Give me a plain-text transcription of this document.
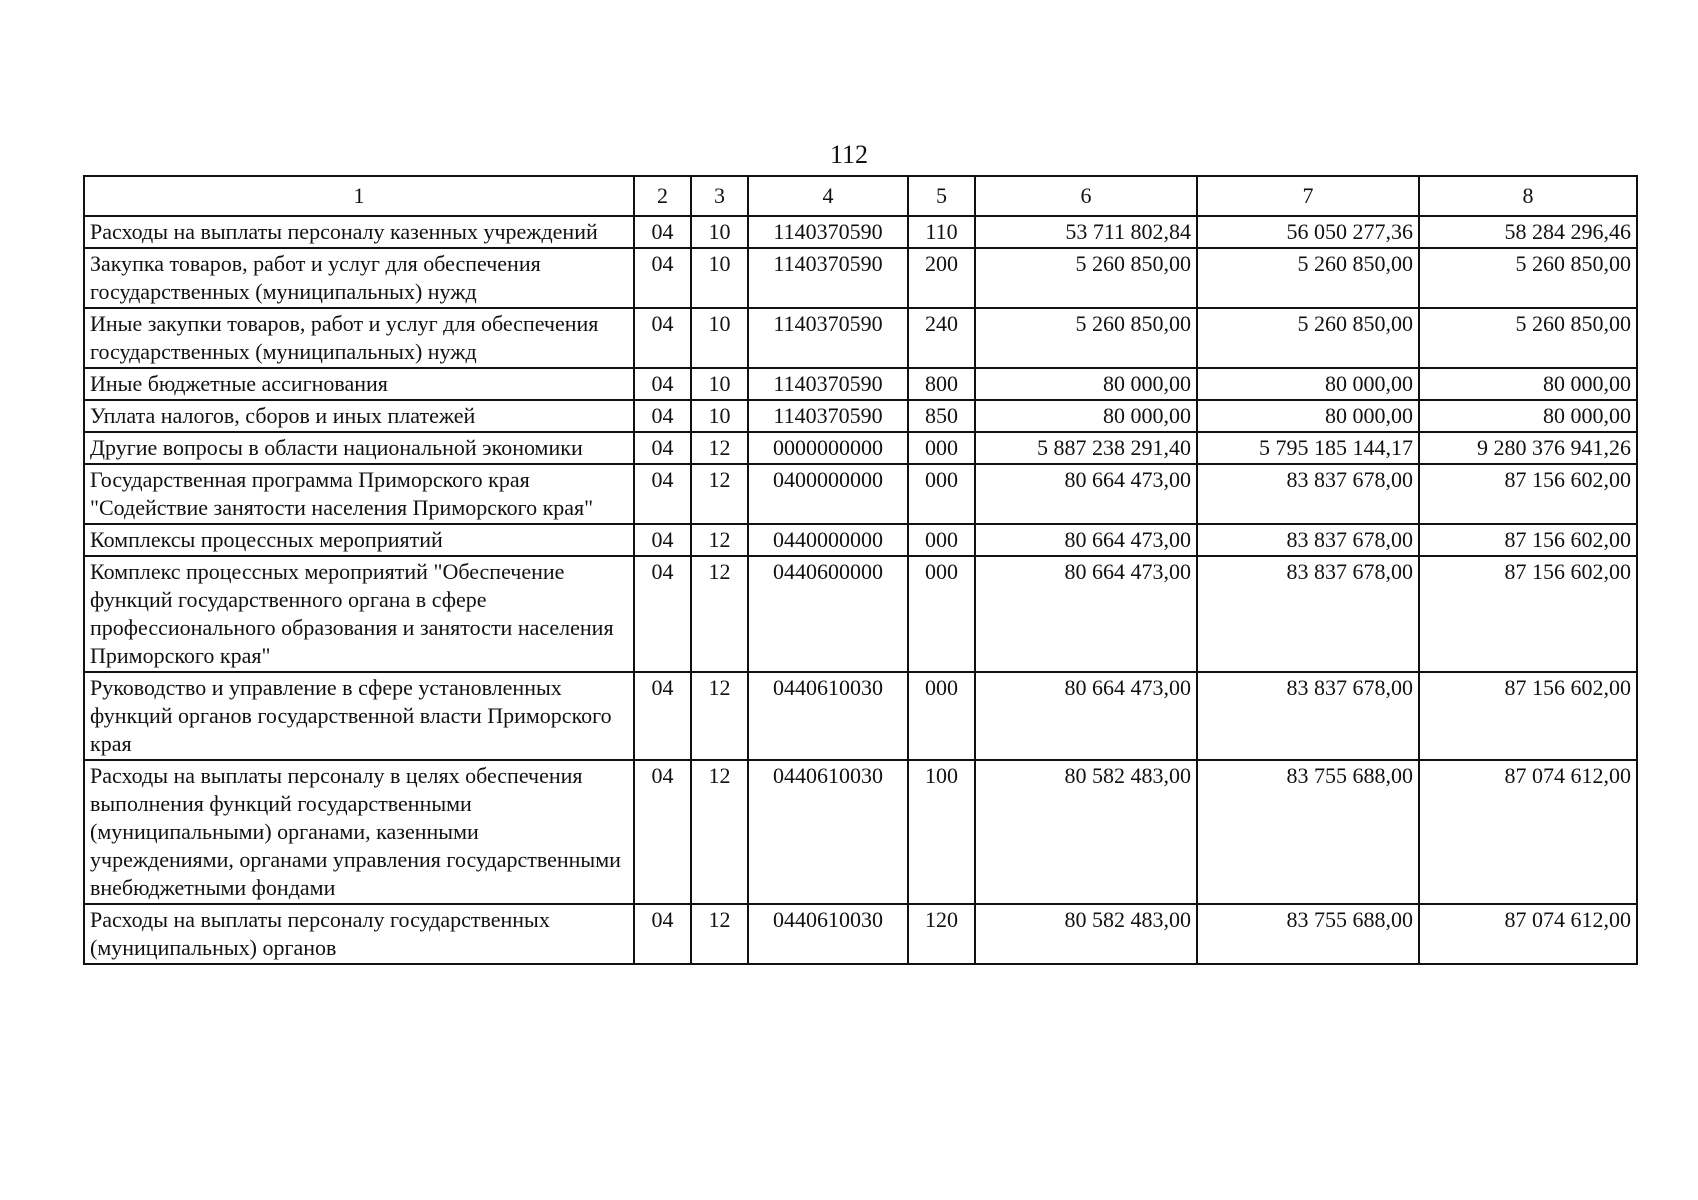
112
1	2	3	4	5	6	7	8
Расходы на выплаты персоналу казенных учреждений	04	10	1140370590	110	53 711 802,84	56 050 277,36	58 284 296,46
Закупка товаров, работ и услуг для обеспечения государственных (муниципальных) нужд	04	10	1140370590	200	5 260 850,00	5 260 850,00	5 260 850,00
Иные закупки товаров, работ и услуг для обеспечения государственных (муниципальных) нужд	04	10	1140370590	240	5 260 850,00	5 260 850,00	5 260 850,00
Иные бюджетные ассигнования	04	10	1140370590	800	80 000,00	80 000,00	80 000,00
Уплата налогов, сборов и иных платежей	04	10	1140370590	850	80 000,00	80 000,00	80 000,00
Другие вопросы в области национальной экономики	04	12	0000000000	000	5 887 238 291,40	5 795 185 144,17	9 280 376 941,26
Государственная программа Приморского края "Содействие занятости населения Приморского края"	04	12	0400000000	000	80 664 473,00	83 837 678,00	87 156 602,00
Комплексы процессных мероприятий	04	12	0440000000	000	80 664 473,00	83 837 678,00	87 156 602,00
Комплекс процессных мероприятий "Обеспечение функций государственного органа в сфере профессионального образования и занятости населения Приморского края"	04	12	0440600000	000	80 664 473,00	83 837 678,00	87 156 602,00
Руководство и управление в сфере установленных функций органов государственной власти Приморского края	04	12	0440610030	000	80 664 473,00	83 837 678,00	87 156 602,00
Расходы на выплаты персоналу в целях обеспечения выполнения функций государственными (муниципальными) органами, казенными учреждениями, органами управления государственными внебюджетными фондами	04	12	0440610030	100	80 582 483,00	83 755 688,00	87 074 612,00
Расходы на выплаты персоналу государственных (муниципальных) органов	04	12	0440610030	120	80 582 483,00	83 755 688,00	87 074 612,00
